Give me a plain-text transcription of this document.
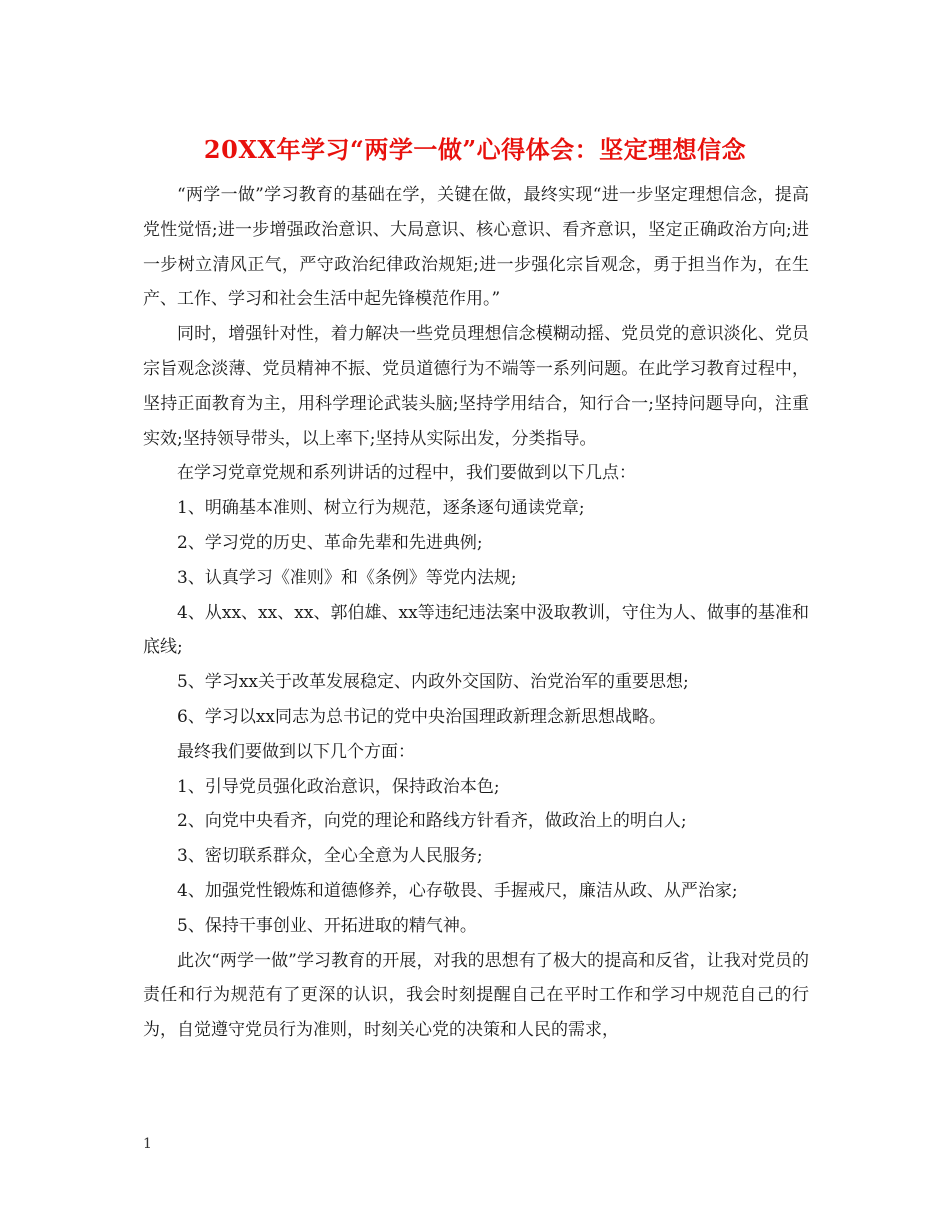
20XX年学习“两学一做”心得体会：坚定理想信念

“两学一做”学习教育的基础在学，关键在做，最终实现“进一步坚定理想信念，提高党性觉悟;进一步增强政治意识、大局意识、核心意识、看齐意识，坚定正确政治方向;进一步树立清风正气，严守政治纪律政治规矩;进一步强化宗旨观念，勇于担当作为，在生产、工作、学习和社会生活中起先锋模范作用。”

同时，增强针对性，着力解决一些党员理想信念模糊动摇、党员党的意识淡化、党员宗旨观念淡薄、党员精神不振、党员道德行为不端等一系列问题。在此学习教育过程中，坚持正面教育为主，用科学理论武装头脑;坚持学用结合，知行合一;坚持问题导向，注重实效;坚持领导带头，以上率下;坚持从实际出发，分类指导。

在学习党章党规和系列讲话的过程中，我们要做到以下几点：

1、明确基本准则、树立行为规范，逐条逐句通读党章;

2、学习党的历史、革命先辈和先进典例;

3、认真学习《准则》和《条例》等党内法规;

4、从xx、xx、xx、郭伯雄、xx等违纪违法案中汲取教训，守住为人、做事的基准和底线;

5、学习xx关于改革发展稳定、内政外交国防、治党治军的重要思想;

6、学习以xx同志为总书记的党中央治国理政新理念新思想战略。

最终我们要做到以下几个方面：

1、引导党员强化政治意识，保持政治本色;

2、向党中央看齐，向党的理论和路线方针看齐，做政治上的明白人;

3、密切联系群众，全心全意为人民服务;

4、加强党性锻炼和道德修养，心存敬畏、手握戒尺，廉洁从政、从严治家;

5、保持干事创业、开拓进取的精气神。

此次“两学一做”学习教育的开展，对我的思想有了极大的提高和反省，让我对党员的责任和行为规范有了更深的认识，我会时刻提醒自己在平时工作和学习中规范自己的行为，自觉遵守党员行为准则，时刻关心党的决策和人民的需求，

1
